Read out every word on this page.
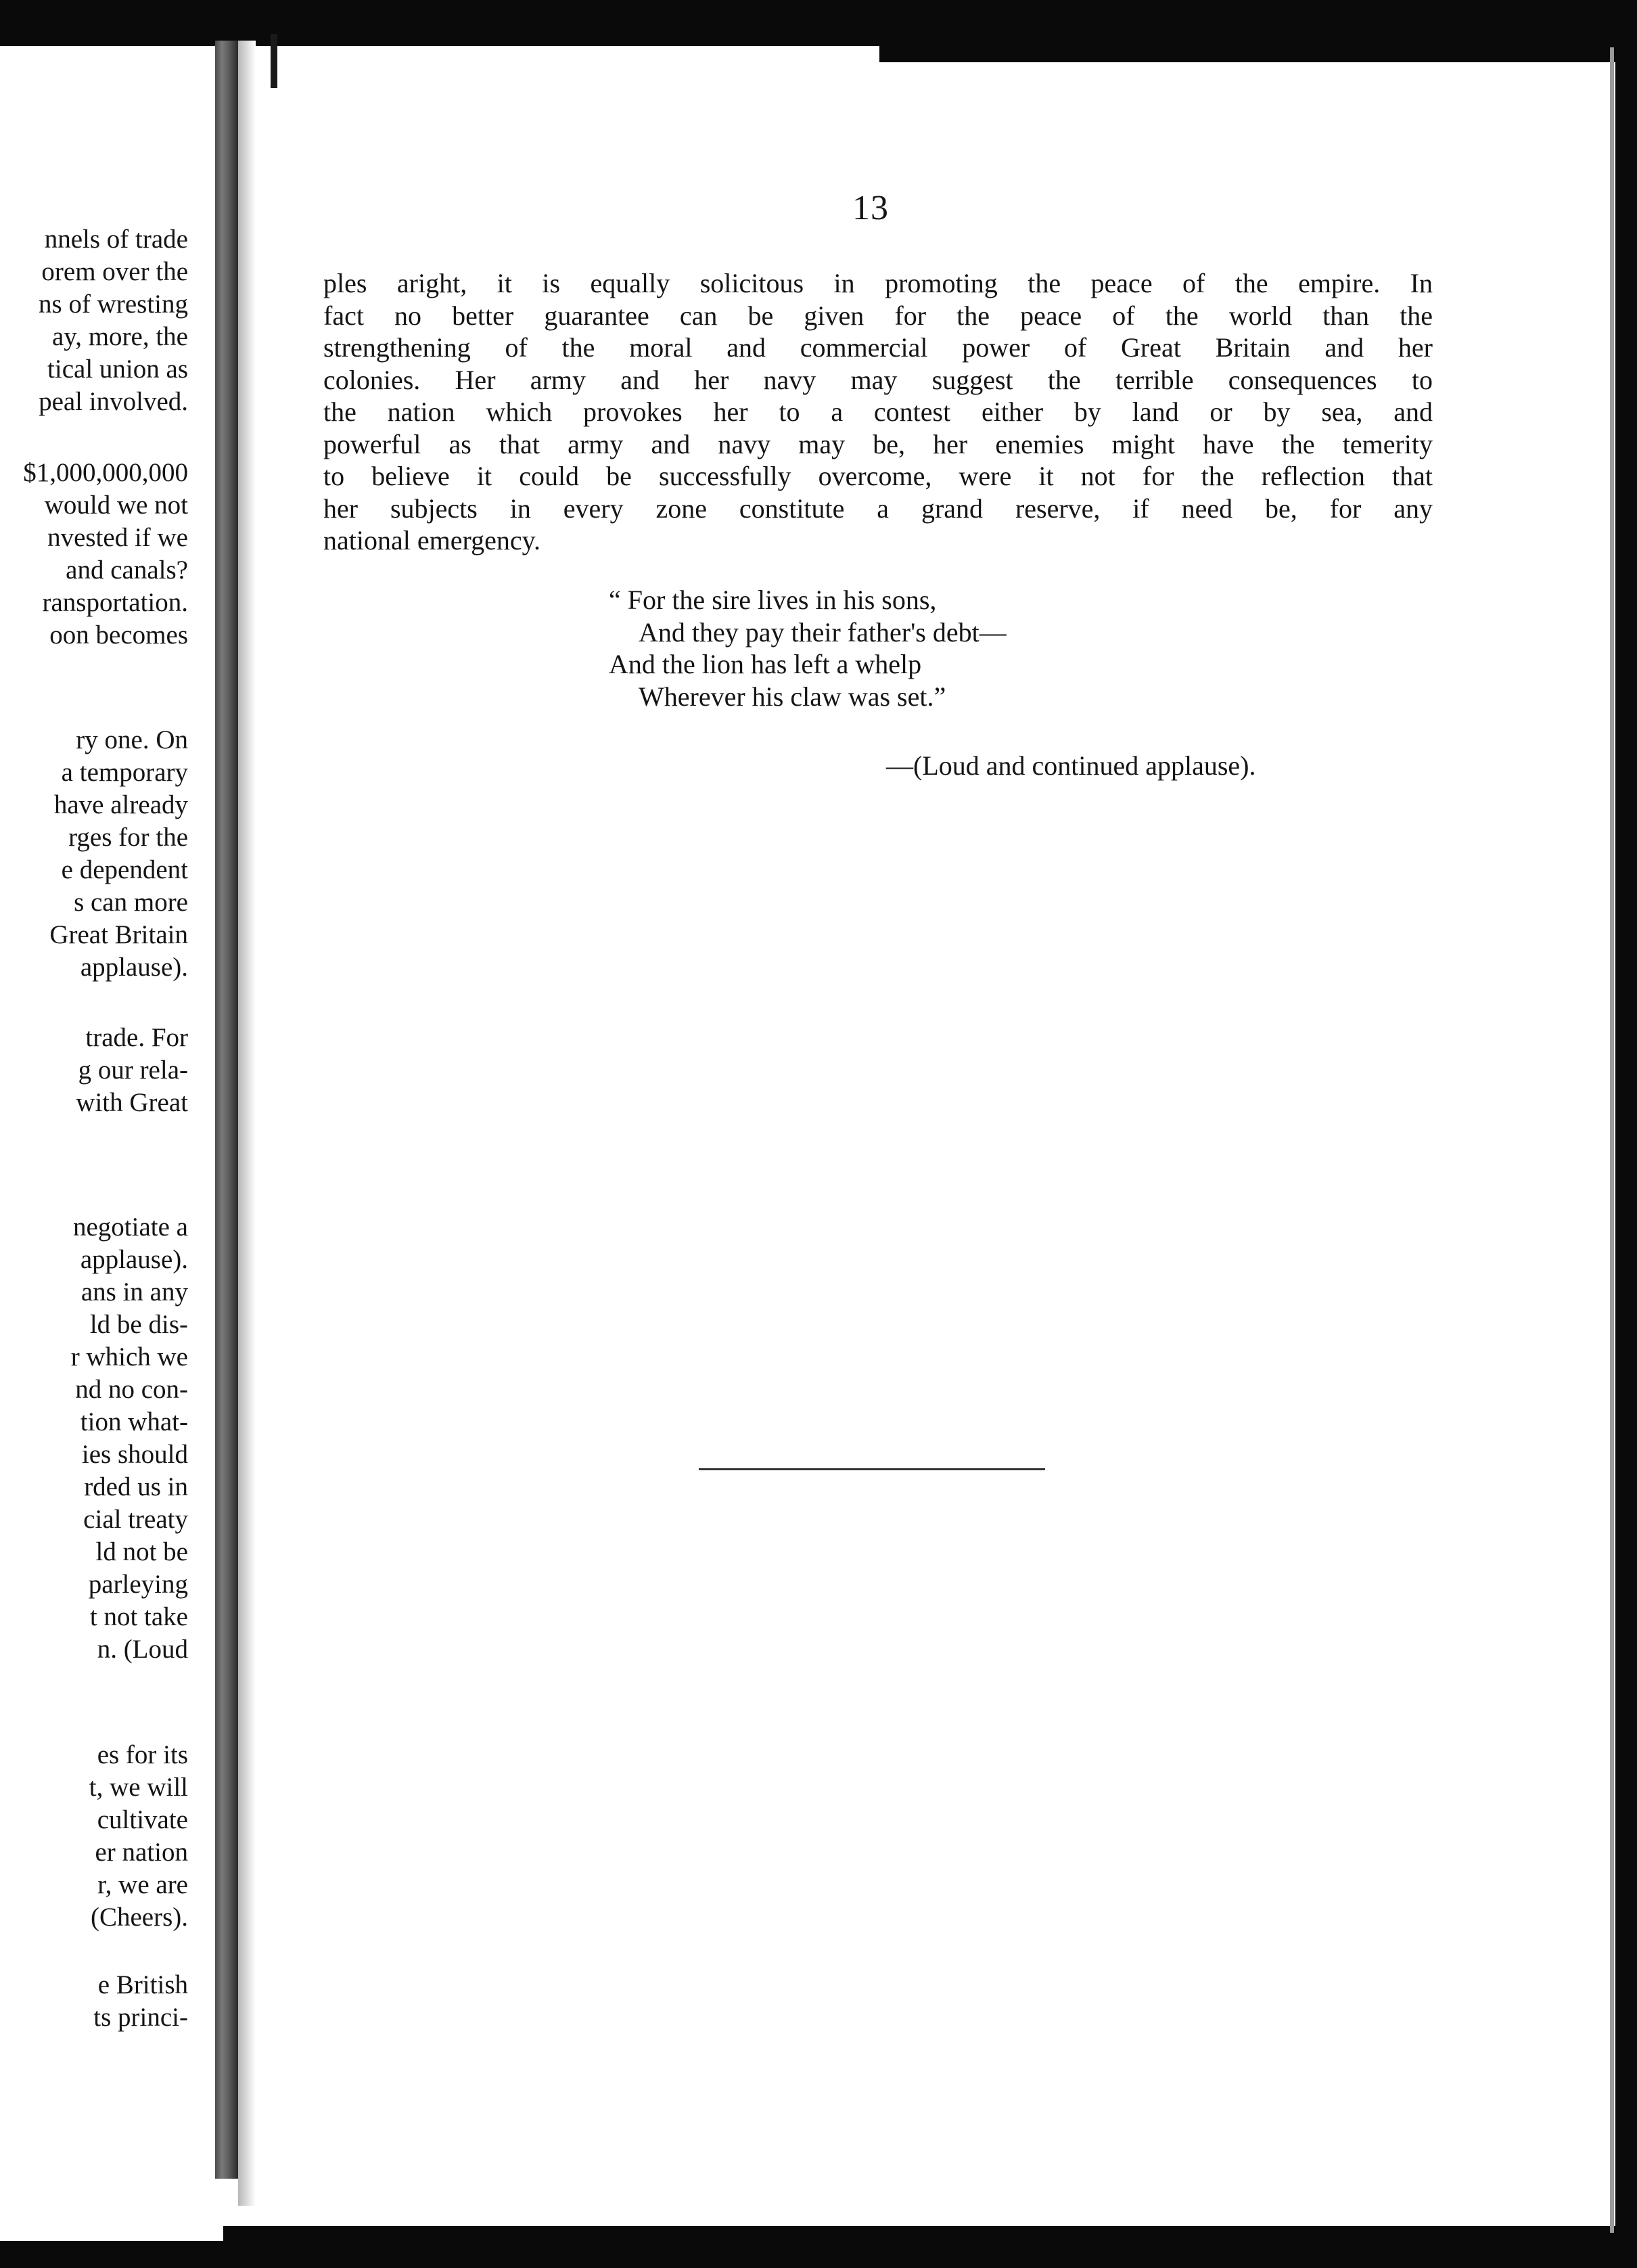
nnels of trade
orem over the
ns of wresting
ay, more, the
tical union as
peal involved.
$1,000,000,000
would we not
nvested if we
and canals?
ransportation.
oon becomes
ry one. On
a temporary
have already
rges for the
e dependent
s can more
Great Britain
applause).
trade. For
g our rela-
with Great
negotiate a
applause).
ans in any
ld be dis-
r which we
nd no con-
tion what-
ies should
rded us in
cial treaty
ld not be
parleying
t not take
n. (Loud
es for its
t, we will
cultivate
er nation
r, we are
(Cheers).
e British
ts princi-
13
ples aright, it is equally solicitous in promoting the peace of the empire. In
fact no better guarantee can be given for the peace of the world than the
strengthening of the moral and commercial power of Great Britain and her
colonies. Her army and her navy may suggest the terrible consequences to
the nation which provokes her to a contest either by land or by sea, and
powerful as that army and navy may be, her enemies might have the temerity
to believe it could be successfully overcome, were it not for the reflection that
her subjects in every zone constitute a grand reserve, if need be, for any
national emergency.
“ For the sire lives in his sons,
And they pay their father's debt—
And the lion has left a whelp
Wherever his claw was set.”
—(Loud and continued applause).
